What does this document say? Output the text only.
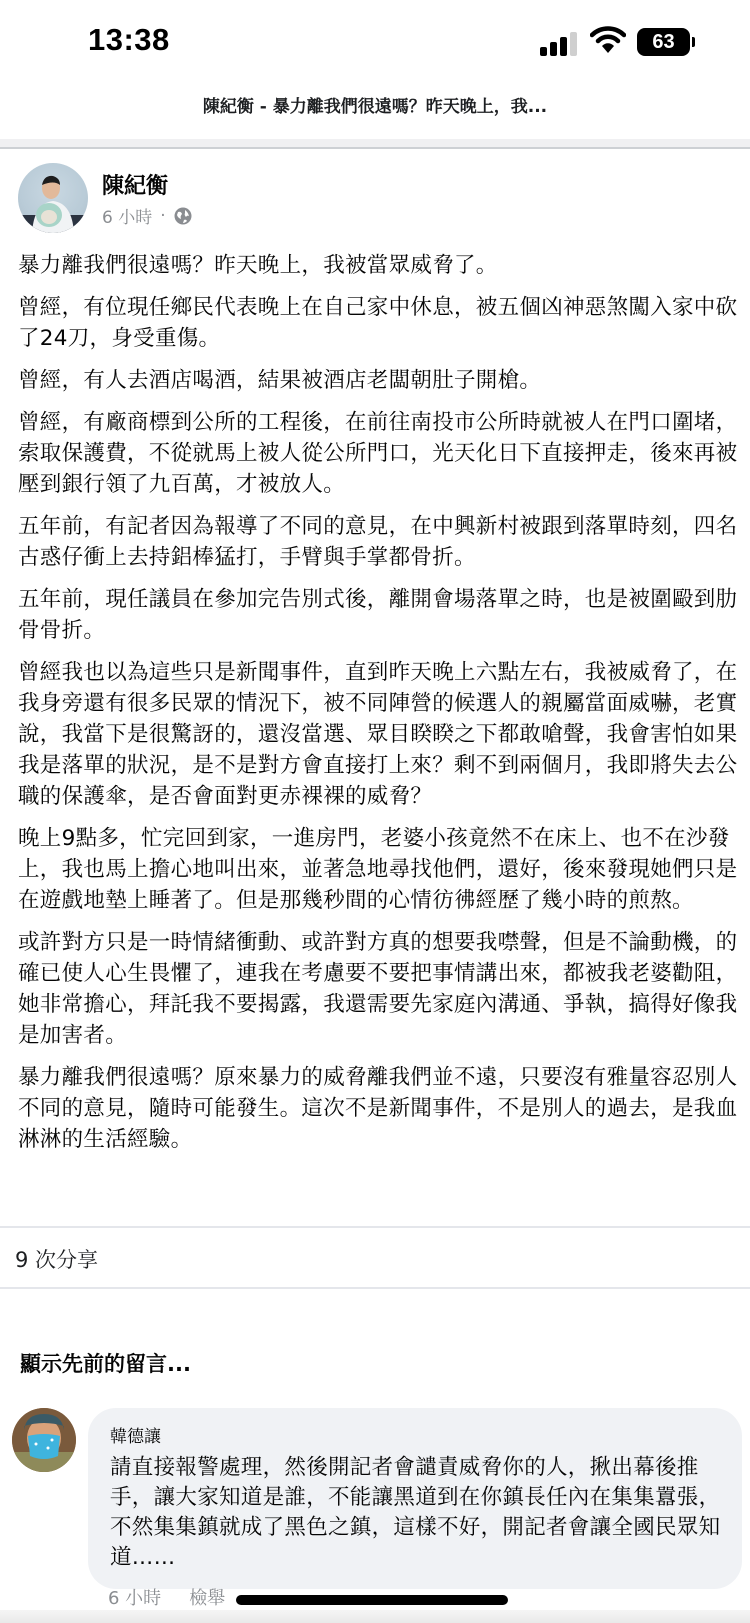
13:38	63
陳紀衡 - 暴力離我們很遠嗎？昨天晚上，我...
陳紀衡
6 小時 ·

暴力離我們很遠嗎？昨天晚上，我被當眾威脅了。

曾經，有位現任鄉民代表晚上在自己家中休息，被五個凶神惡煞闖入家中砍了24刀，身受重傷。

曾經，有人去酒店喝酒，結果被酒店老闆朝肚子開槍。

曾經，有廠商標到公所的工程後，在前往南投市公所時就被人在門口圍堵，索取保護費，不從就馬上被人從公所門口，光天化日下直接押走，後來再被壓到銀行領了九百萬，才被放人。

五年前，有記者因為報導了不同的意見，在中興新村被跟到落單時刻，四名古惑仔衝上去持鋁棒猛打，手臂與手掌都骨折。

五年前，現任議員在參加完告別式後，離開會場落單之時，也是被圍毆到肋骨骨折。

曾經我也以為這些只是新聞事件，直到昨天晚上六點左右，我被威脅了，在我身旁還有很多民眾的情況下，被不同陣營的候選人的親屬當面威嚇，老實說，我當下是很驚訝的，還沒當選、眾目睽睽之下都敢嗆聲，我會害怕如果我是落單的狀況，是不是對方會直接打上來？剩不到兩個月，我即將失去公職的保護傘，是否會面對更赤裸裸的威脅？

晚上9點多，忙完回到家，一進房門，老婆小孩竟然不在床上、也不在沙發上，我也馬上擔心地叫出來，並著急地尋找他們，還好，後來發現她們只是在遊戲地墊上睡著了。但是那幾秒間的心情彷彿經歷了幾小時的煎熬。

或許對方只是一時情緒衝動、或許對方真的想要我噤聲，但是不論動機，的確已使人心生畏懼了，連我在考慮要不要把事情講出來，都被我老婆勸阻，她非常擔心，拜託我不要揭露，我還需要先家庭內溝通、爭執，搞得好像我是加害者。

暴力離我們很遠嗎？原來暴力的威脅離我們並不遠，只要沒有雅量容忍別人不同的意見，隨時可能發生。這次不是新聞事件，不是別人的過去，是我血淋淋的生活經驗。

9 次分享
顯示先前的留言...
韓德讓
請直接報警處理，然後開記者會譴責威脅你的人，揪出幕後推手，讓大家知道是誰，不能讓黑道到在你鎮長任內在集集囂張，不然集集鎮就成了黑色之鎮，這樣不好，開記者會讓全國民眾知道……
6 小時 檢舉
